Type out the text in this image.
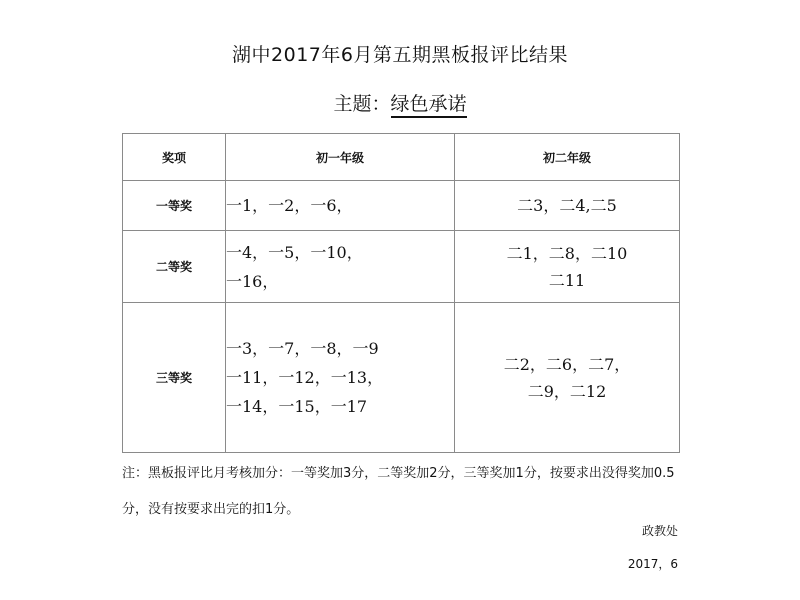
湖中2017年6月第五期黑板报评比结果
主题：绿色承诺
奖项	初一年级	初二年级
一等奖	一1，一2，一6，	二3，二4,二5

二等奖	一4，一5，一10，
一16，	二1，二8，二10
二11

三等奖	一3，一7，一8，一9
一11，一12，一13，
一14，一15，一17	二2，二6，二7，
二9，二12
注：黑板报评比月考核加分：一等奖加3分，二等奖加2分，三等奖加1分，按要求出没得奖加0.5分，没有按要求出完的扣1分。
政教处
2017，6
